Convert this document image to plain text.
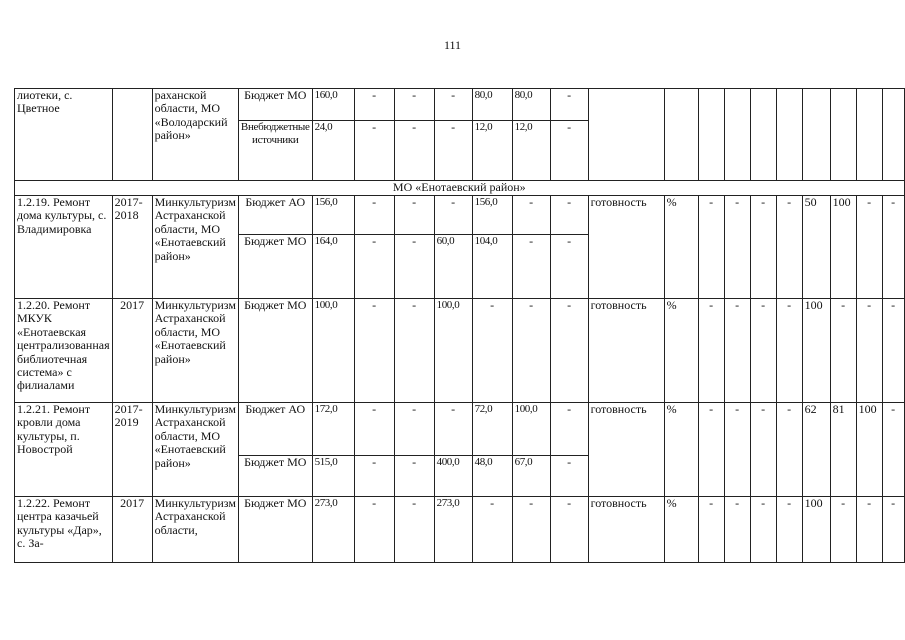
111
лиотеки, с. Цветное		раханской области, МО «Володарский район»	Бюджет МО	160,0	-	-	-	80,0	80,0	-										
			Внебюджетные источники	24,0	-	-	-	12,0	12,0	-										
МО «Енотаевский район»																				
1.2.19. Ремонт дома культуры, с. Владимировка	2017-2018	Минкультуризм Астраханской области, МО «Енотаевский район»	Бюджет АО	156,0	-	-	-	156,0	-	-	готовность	%	-	-	-	-	50	100	-	-
			Бюджет МО	164,0	-	-	60,0	104,0	-	-										
1.2.20. Ремонт МКУК «Енотаевская централизованная библиотечная система» с филиалами	2017	Минкультуризм Астраханской области, МО «Енотаевский район»	Бюджет МО	100,0	-	-	100,0	-	-	-	готовность	%	-	-	-	-	100	-	-	-
1.2.21. Ремонт кровли дома культуры, п. Новострой	2017-2019	Минкультуризм Астраханской области, МО «Енотаевский район»	Бюджет АО	172,0	-	-	-	72,0	100,0	-	готовность	%	-	-	-	-	62	81	100	-
			Бюджет МО	515,0	-	-	400,0	48,0	67,0	-										
1.2.22. Ремонт центра казачьей культуры «Дар», с. За-	2017	Минкультуризм Астраханской области,	Бюджет МО	273,0	-	-	273,0	-	-	-	готовность	%	-	-	-	-	100	-	-	-
